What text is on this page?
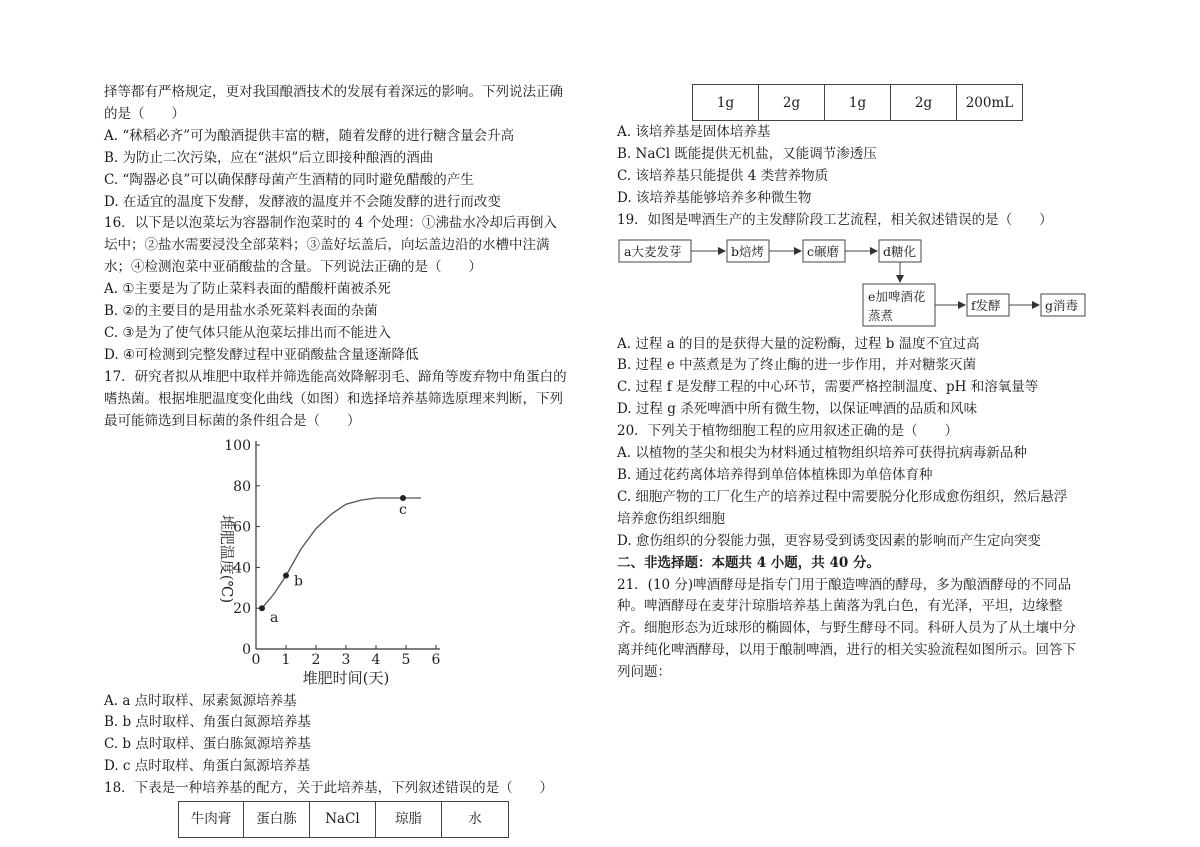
择等都有严格规定，更对我国酿酒技术的发展有着深远的影响。下列说法正确

的是（　　）

A. “秫稻必齐”可为酿酒提供丰富的糖，随着发酵的进行糖含量会升高

B. 为防止二次污染，应在“湛炽”后立即接种酿酒的酒曲

C. “陶器必良”可以确保酵母菌产生酒精的同时避免醋酸的产生

D. 在适宜的温度下发酵，发酵液的温度并不会随发酵的进行而改变

16．以下是以泡菜坛为容器制作泡菜时的 4 个处理：①沸盐水冷却后再倒入

坛中；②盐水需要浸没全部菜料；③盖好坛盖后，向坛盖边沿的水槽中注满

水；④检测泡菜中亚硝酸盐的含量。下列说法正确的是（　　）

A. ①主要是为了防止菜料表面的醋酸杆菌被杀死

B. ②的主要目的是用盐水杀死菜料表面的杂菌

C. ③是为了使气体只能从泡菜坛排出而不能进入

D. ④可检测到完整发酵过程中亚硝酸盐含量逐渐降低

17．研究者拟从堆肥中取样并筛选能高效降解羽毛、蹄角等废弃物中角蛋白的

嗜热菌。根据堆肥温度变化曲线（如图）和选择培养基筛选原理来判断，下列

最可能筛选到目标菌的条件组合是（　　）

0 1 2 3 4 5 6
0
20
40
60
80
100
堆肥时间(天)
堆肥温度(℃)
a
b
c

A. a 点时取样、尿素氮源培养基

B. b 点时取样、角蛋白氮源培养基

C. b 点时取样、蛋白胨氮源培养基

D. c 点时取样、角蛋白氮源培养基

18．下表是一种培养基的配方，关于此培养基，下列叙述错误的是（　　）

牛肉膏	蛋白胨	NaCl	琼脂	水
1g	2g	1g	2g	200mL

A. 该培养基是固体培养基

B. NaCl 既能提供无机盐，又能调节渗透压

C. 该培养基只能提供 4 类营养物质

D. 该培养基能够培养多种微生物

19．如图是啤酒生产的主发酵阶段工艺流程，相关叙述错误的是（　　）

a大麦发芽	b焙烤	c碾磨	d糖化
e加啤酒花
蒸煮
f发酵	g消毒

A. 过程 a 的目的是获得大量的淀粉酶，过程 b 温度不宜过高

B. 过程 e 中蒸煮是为了终止酶的进一步作用，并对糖浆灭菌

C. 过程 f 是发酵工程的中心环节，需要严格控制温度、pH 和溶氧量等

D. 过程 g 杀死啤酒中所有微生物，以保证啤酒的品质和风味

20．下列关于植物细胞工程的应用叙述正确的是（　　）

A. 以植物的茎尖和根尖为材料通过植物组织培养可获得抗病毒新品种

B. 通过花药离体培养得到单倍体植株即为单倍体育种

C. 细胞产物的工厂化生产的培养过程中需要脱分化形成愈伤组织，然后悬浮

培养愈伤组织细胞

D. 愈伤组织的分裂能力强，更容易受到诱变因素的影响而产生定向突变

二、非选择题：本题共 4 小题，共 40 分。

21．(10 分)啤酒酵母是指专门用于酿造啤酒的酵母，多为酿酒酵母的不同品

种。啤酒酵母在麦芽汁琼脂培养基上菌落为乳白色，有光泽，平坦，边缘整

齐。细胞形态为近球形的椭圆体，与野生酵母不同。科研人员为了从土壤中分

离并纯化啤酒酵母，以用于酿制啤酒，进行的相关实验流程如图所示。回答下

列问题：
